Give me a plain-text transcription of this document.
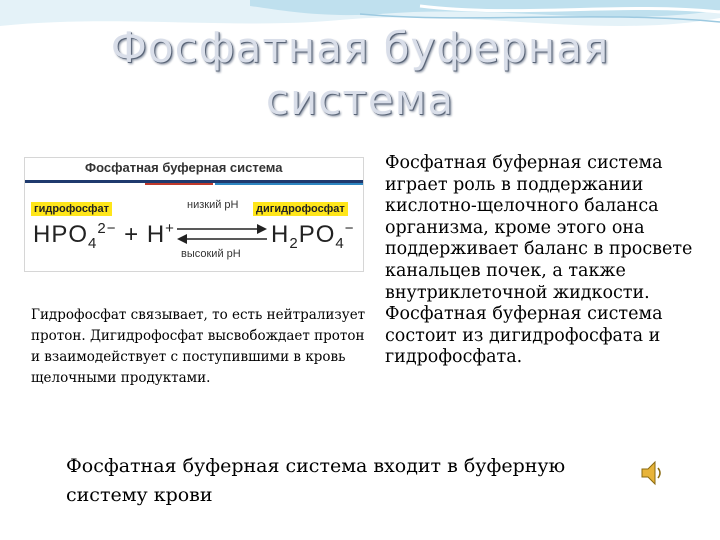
Фосфатная буферная
система
Фосфатная буферная система
гидрофосфат	дигидрофосфат
низкий pH
высокий pH
$HPO_4^{2-} + H^+$	$H_2PO_4^-$
Гидрофосфат связывает, то есть нейтрализует протон. Дигидрофосфат высвобождает протон и взаимодействует с поступившими в кровь щелочными продуктами.
Фосфатная буферная система играет роль в поддержании кислотно-щелочного баланса организма, кроме этого она поддерживает баланс в просвете канальцев почек, а также внутриклеточной жидкости. Фосфатная буферная система состоит из дигидрофосфата и гидрофосфата.
Фосфатная буферная система входит в буферную систему крови
